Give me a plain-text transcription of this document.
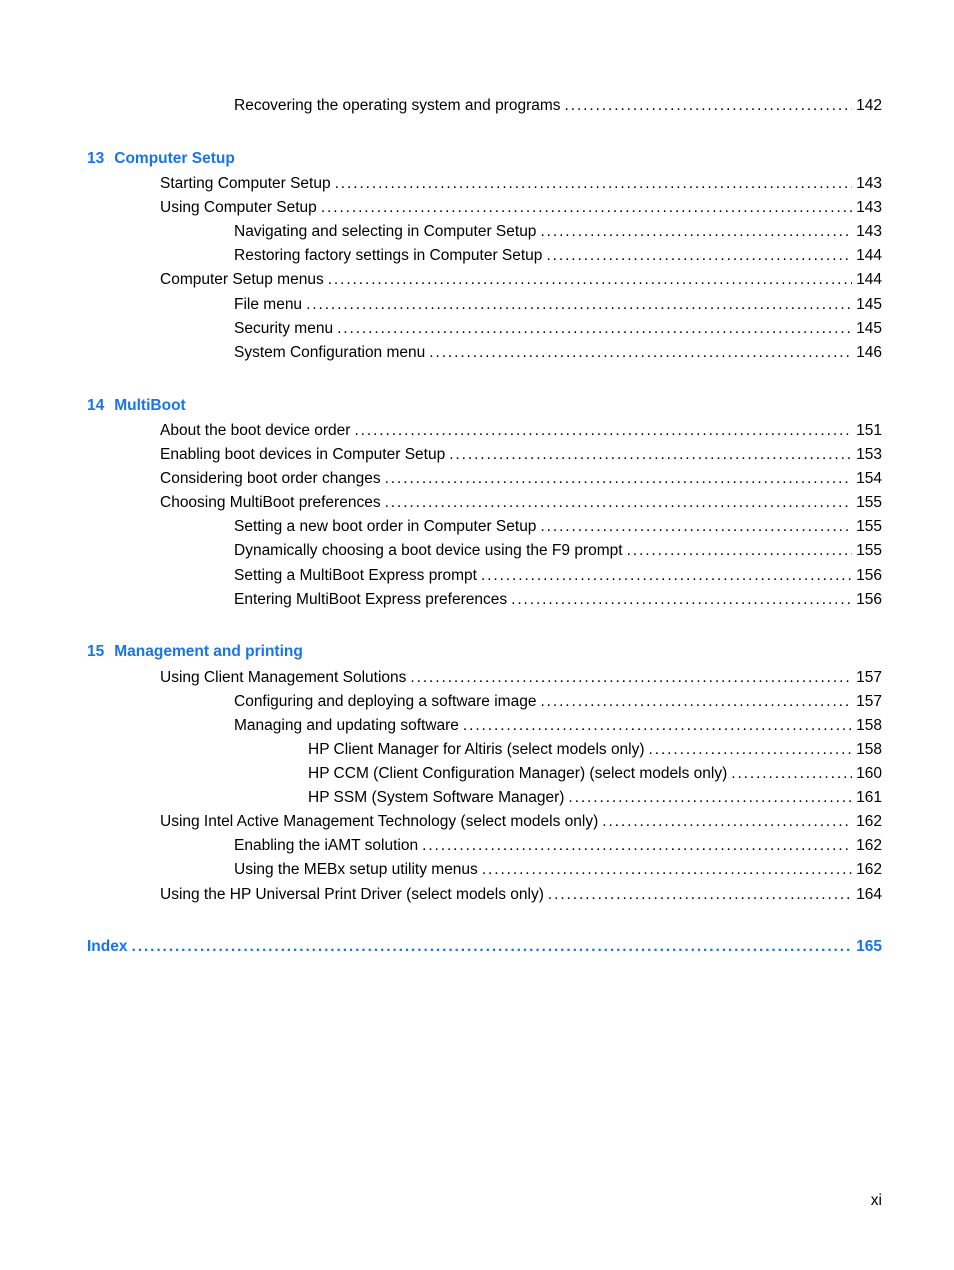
Recovering the operating system and programs . . .	142
13 Computer Setup
Starting Computer Setup . . .	143
Using Computer Setup . . .	143
Navigating and selecting in Computer Setup . . .	143
Restoring factory settings in Computer Setup . . .	144
Computer Setup menus . . .	144
File menu . . .	145
Security menu . . .	145
System Configuration menu . . .	146
14 MultiBoot
About the boot device order . . .	151
Enabling boot devices in Computer Setup . . .	153
Considering boot order changes . . .	154
Choosing MultiBoot preferences . . .	155
Setting a new boot order in Computer Setup . . .	155
Dynamically choosing a boot device using the F9 prompt . . .	155
Setting a MultiBoot Express prompt . . .	156
Entering MultiBoot Express preferences . . .	156
15 Management and printing
Using Client Management Solutions . . .	157
Configuring and deploying a software image . . .	157
Managing and updating software . . .	158
HP Client Manager for Altiris (select models only) . . .	158
HP CCM (Client Configuration Manager) (select models only) . . .	160
HP SSM (System Software Manager) . . .	161
Using Intel Active Management Technology (select models only) . . .	162
Enabling the iAMT solution . . .	162
Using the MEBx setup utility menus . . .	162
Using the HP Universal Print Driver (select models only) . . .	164
Index . . .	165
xi
